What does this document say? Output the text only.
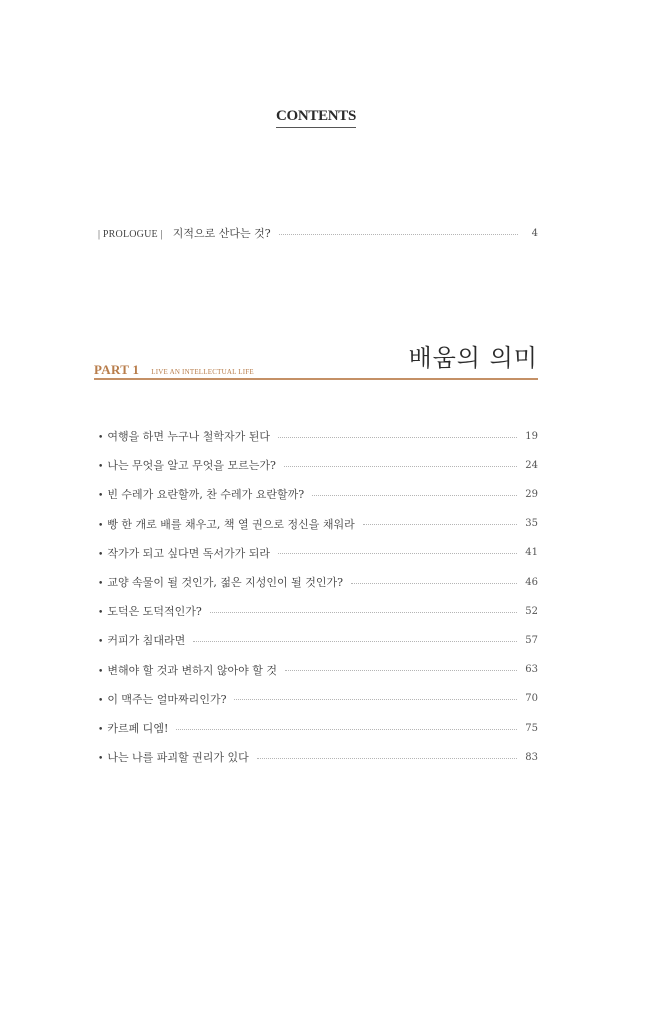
CONTENTS
| PROLOGUE | 지적으로 산다는 것?	4
배움의 의미
PART 1 LIVE AN INTELLECTUAL LIFE
• 여행을 하면 누구나 철학자가 된다	19
• 나는 무엇을 알고 무엇을 모르는가?	24
• 빈 수레가 요란할까, 찬 수레가 요란할까?	29
• 빵 한 개로 배를 채우고, 책 열 권으로 정신을 채워라	35
• 작가가 되고 싶다면 독서가가 되라	41
• 교양 속물이 될 것인가, 젊은 지성인이 될 것인가?	46
• 도덕은 도덕적인가?	52
• 커피가 침대라면	57
• 변해야 할 것과 변하지 않아야 할 것	63
• 이 맥주는 얼마짜리인가?	70
• 카르페 디엠!	75
• 나는 나를 파괴할 권리가 있다	83
